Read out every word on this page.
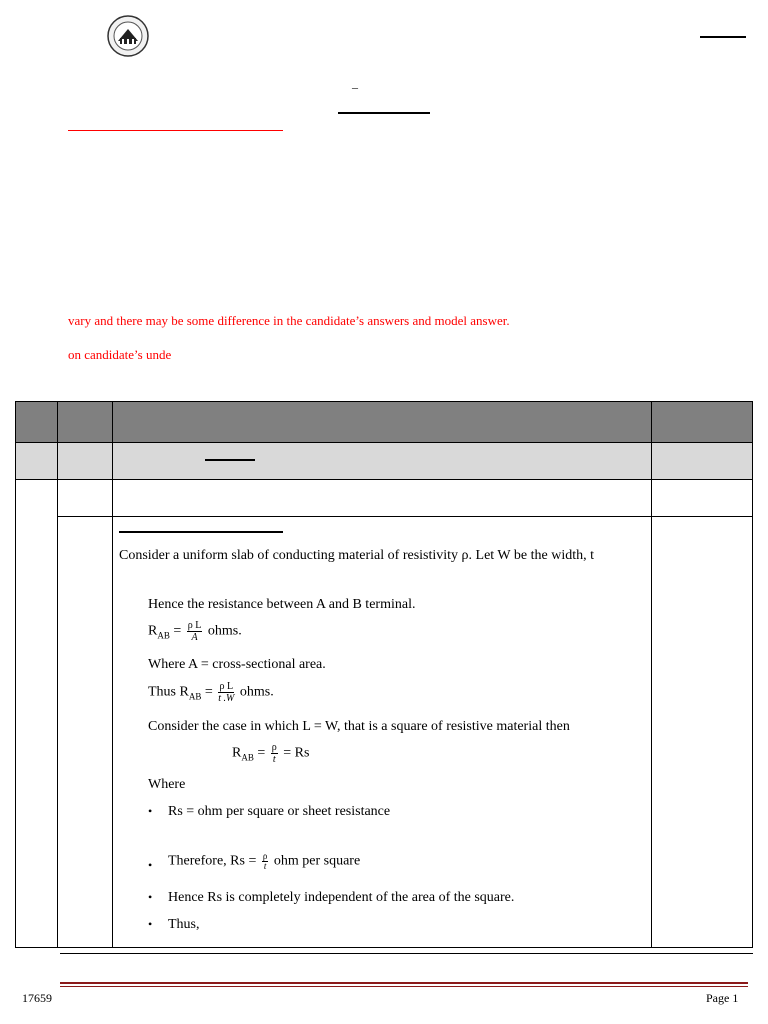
–
vary and there may be some difference in the candidate’s answers and model answer.
on candidate’s unde

Consider a uniform slab of conducting material of resistivity ρ. Let W be the width, t
Hence the resistance between A and B terminal.
$R_{AB} = \frac{\text{ρ L}}{A}$ ohms.
Where A = cross-sectional area.
Thus $R_{AB} = \frac{\text{ρ L}}{t .W}$ ohms.
Consider the case in which L = W, that is a square of resistive material then
$R_{AB} = \frac{\rho}{t} = Rs$
Where
• Rs = ohm per square or sheet resistance
• Therefore, $Rs = \frac{\rho}{t}$ ohm per square
• Hence Rs is completely independent of the area of the square.
• Thus,
17659	Page 1
